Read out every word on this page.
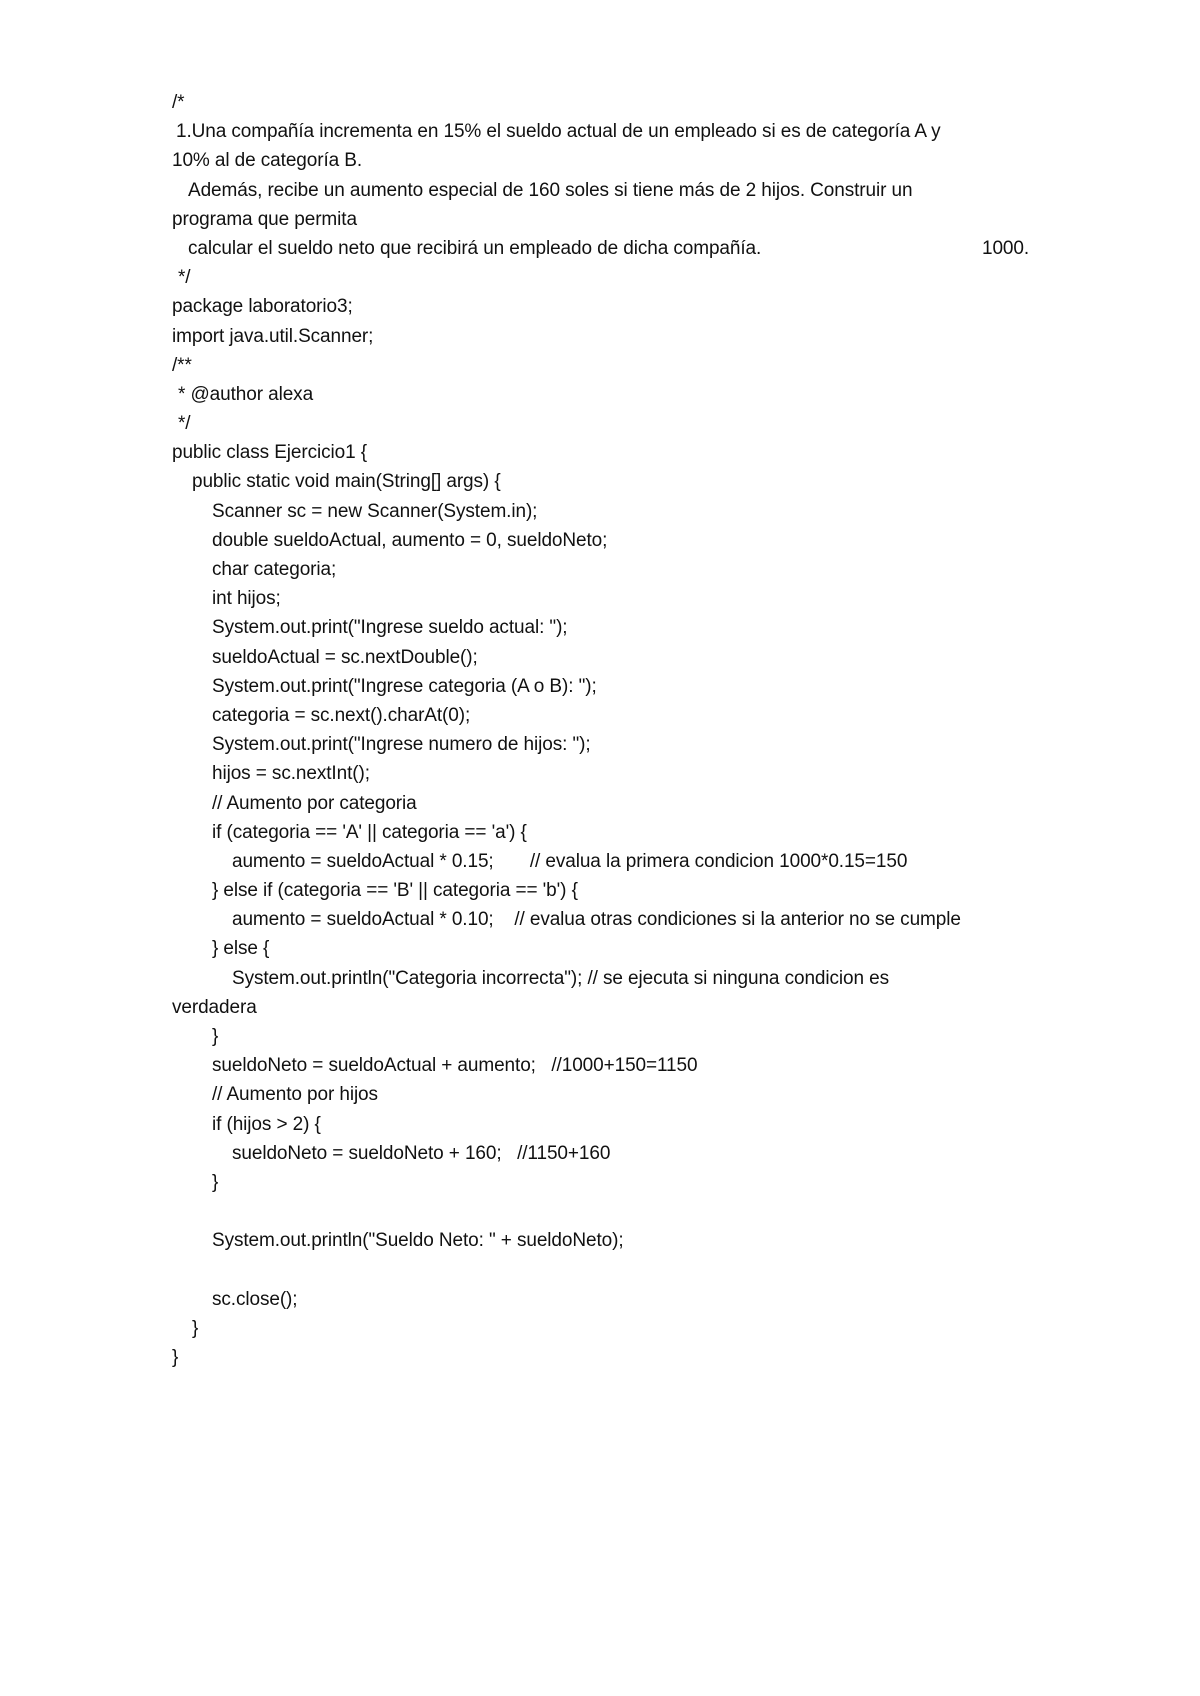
/*
1.Una compañía incrementa en 15% el sueldo actual de un empleado si es de categoría A y
10% al de categoría B.
Además, recibe un aumento especial de 160 soles si tiene más de 2 hijos. Construir un
programa que permita
calcular el sueldo neto que recibirá un empleado de dicha compañía.	1000.
*/
package laboratorio3;
import java.util.Scanner;
/**
* @author alexa
*/
public class Ejercicio1 {
public static void main(String[] args) {
Scanner sc = new Scanner(System.in);
double sueldoActual, aumento = 0, sueldoNeto;
char categoria;
int hijos;
System.out.print("Ingrese sueldo actual: ");
sueldoActual = sc.nextDouble();
System.out.print("Ingrese categoria (A o B): ");
categoria = sc.next().charAt(0);
System.out.print("Ingrese numero de hijos: ");
hijos = sc.nextInt();
// Aumento por categoria
if (categoria == 'A' || categoria == 'a') {
aumento = sueldoActual * 0.15;       // evalua la primera condicion 1000*0.15=150
} else if (categoria == 'B' || categoria == 'b') {
aumento = sueldoActual * 0.10;    // evalua otras condiciones si la anterior no se cumple
} else {
System.out.println("Categoria incorrecta"); // se ejecuta si ninguna condicion es
verdadera
}
sueldoNeto = sueldoActual + aumento;   //1000+150=1150
// Aumento por hijos
if (hijos > 2) {
sueldoNeto = sueldoNeto + 160;   //1150+160
}
System.out.println("Sueldo Neto: " + sueldoNeto);
sc.close();
}
}
